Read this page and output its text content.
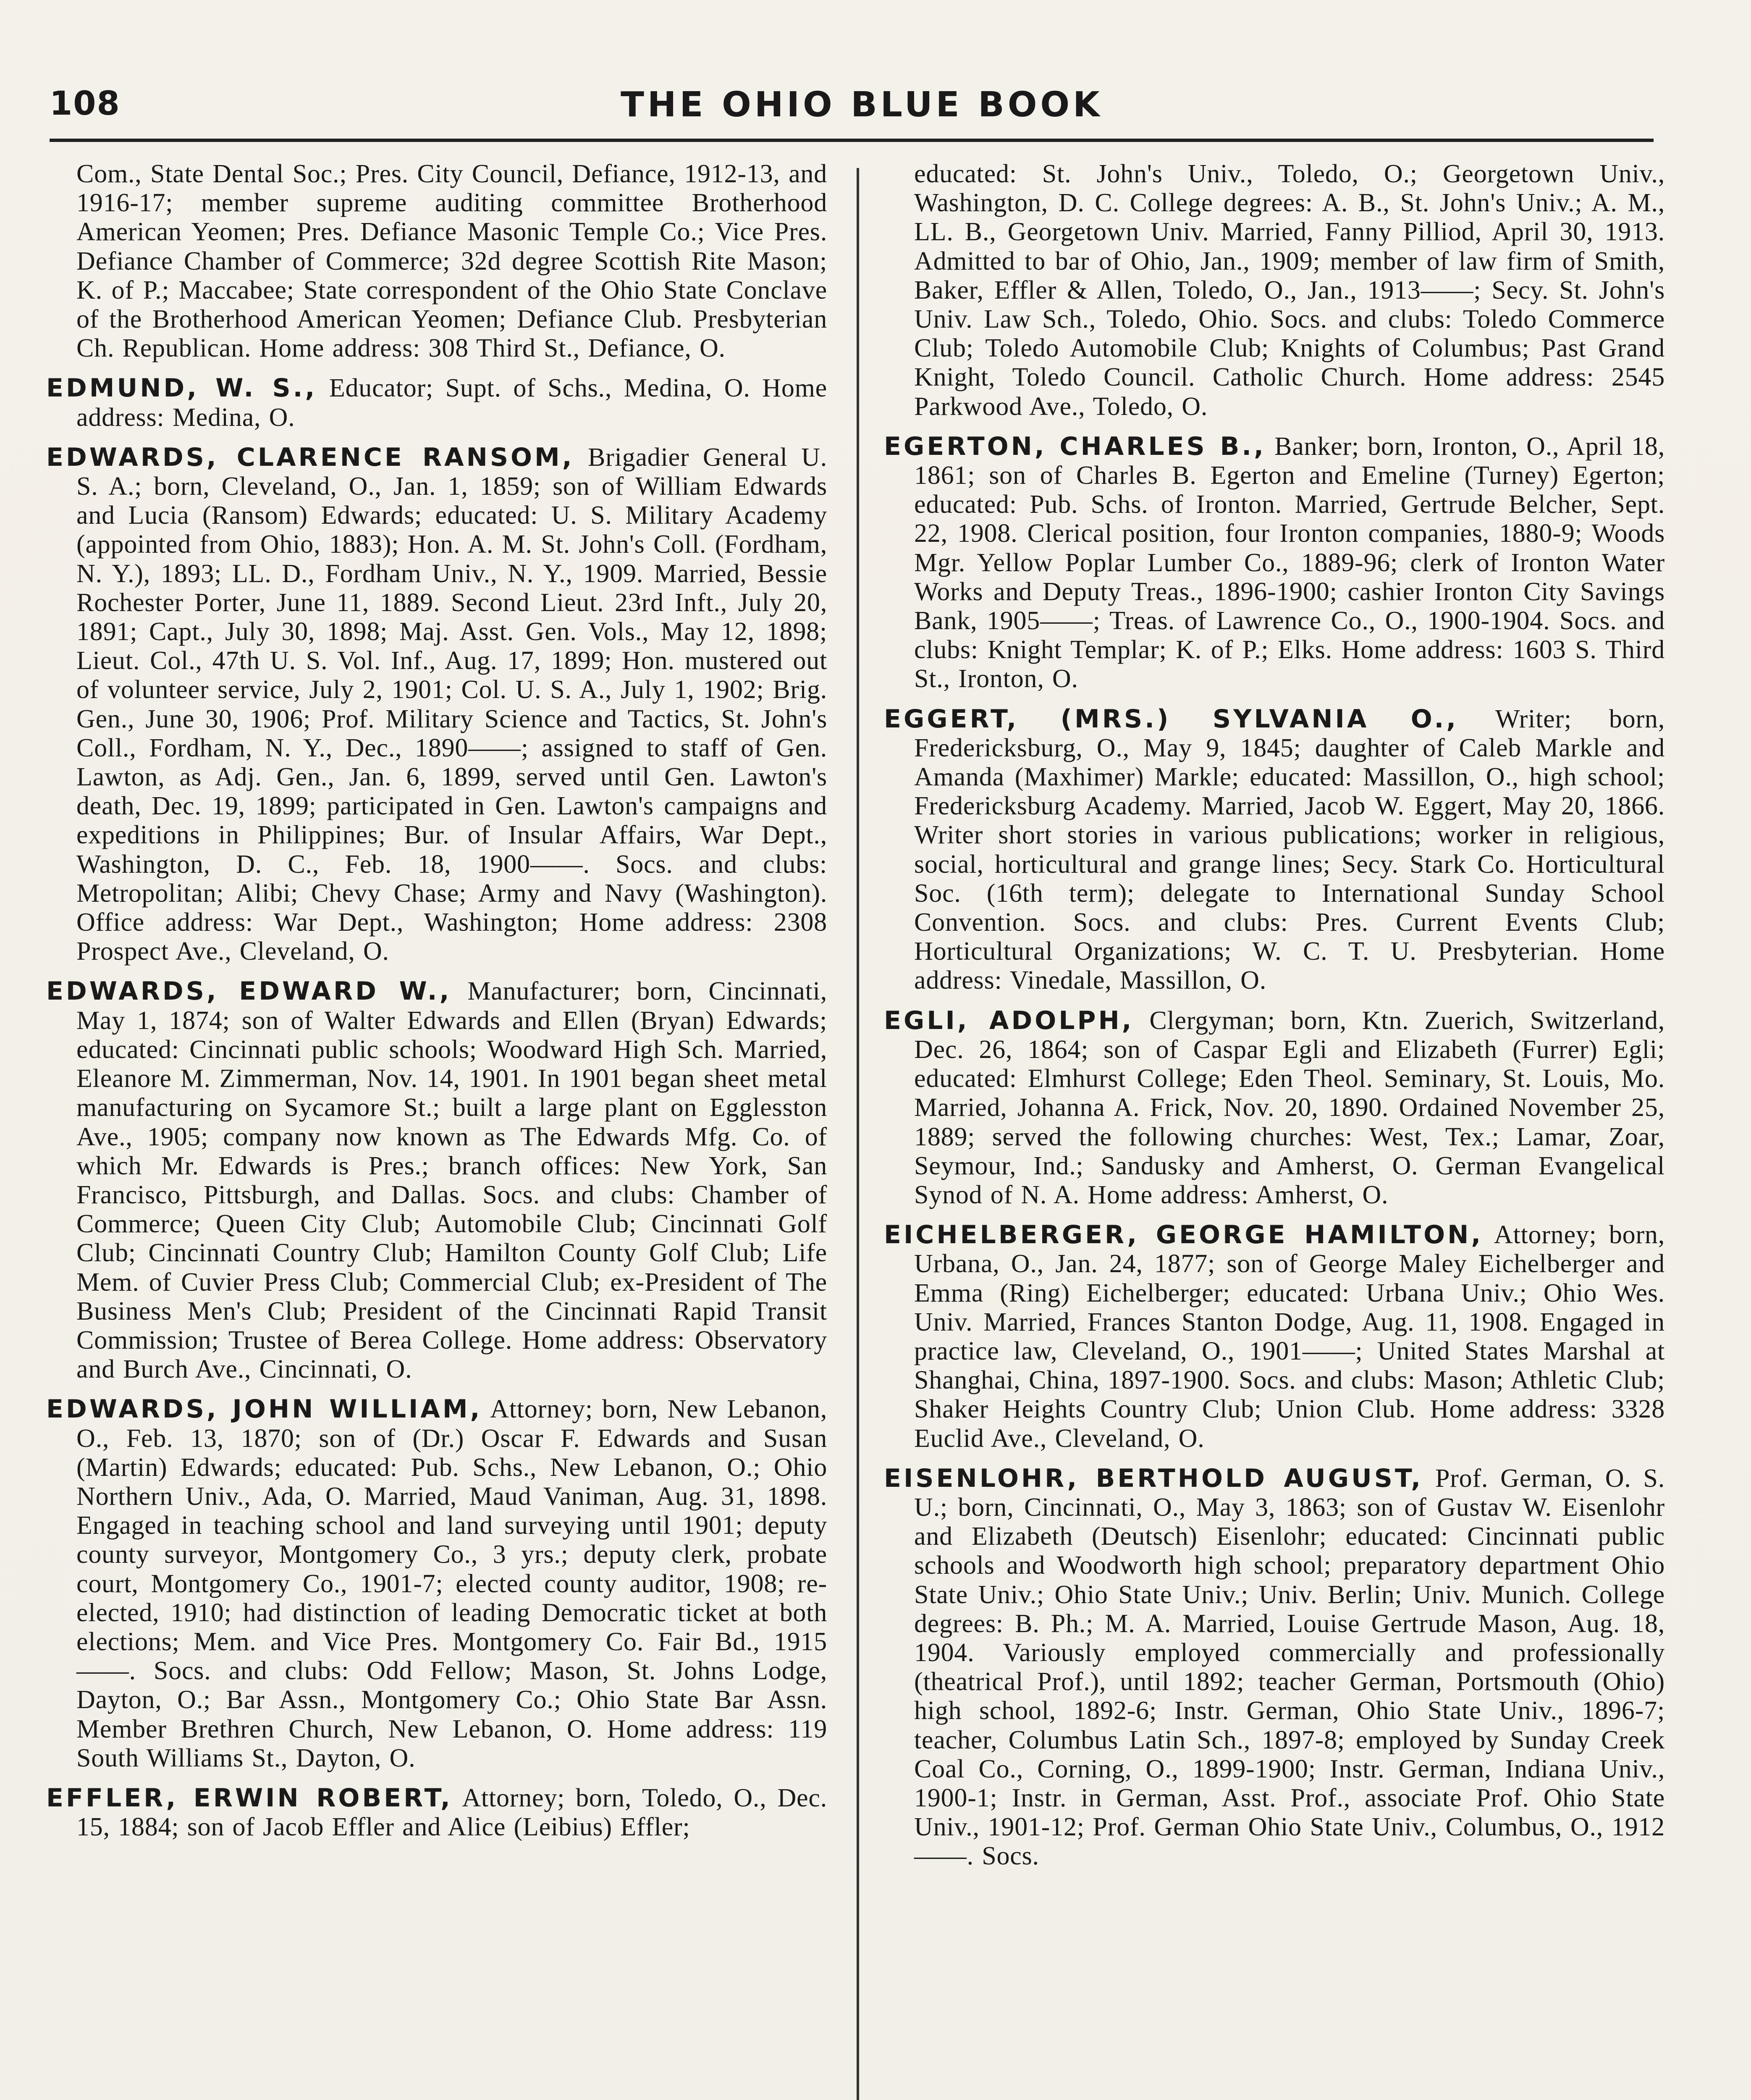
108	THE OHIO BLUE BOOK

Com., State Dental Soc.; Pres. City Council, Defiance, 1912-13, and 1916-17; member supreme auditing committee Brotherhood American Yeomen; Pres. Defiance Masonic Temple Co.; Vice Pres. Defiance Chamber of Commerce; 32d degree Scottish Rite Mason; K. of P.; Maccabee; State correspondent of the Ohio State Conclave of the Brotherhood American Yeomen; Defiance Club. Presbyterian Ch. Republican. Home address: 308 Third St., Defiance, O.

EDMUND, W. S., Educator; Supt. of Schs., Medina, O. Home address: Medina, O.

EDWARDS, CLARENCE RANSOM, Brigadier General U. S. A.; born, Cleveland, O., Jan. 1, 1859; son of William Edwards and Lucia (Ransom) Edwards; educated: U. S. Military Academy (appointed from Ohio, 1883); Hon. A. M. St. John's Coll. (Fordham, N. Y.), 1893; LL. D., Fordham Univ., N. Y., 1909. Married, Bessie Rochester Porter, June 11, 1889. Second Lieut. 23rd Inft., July 20, 1891; Capt., July 30, 1898; Maj. Asst. Gen. Vols., May 12, 1898; Lieut. Col., 47th U. S. Vol. Inf., Aug. 17, 1899; Hon. mustered out of volunteer service, July 2, 1901; Col. U. S. A., July 1, 1902; Brig. Gen., June 30, 1906; Prof. Military Science and Tactics, St. John's Coll., Fordham, N. Y., Dec., 1890——; assigned to staff of Gen. Lawton, as Adj. Gen., Jan. 6, 1899, served until Gen. Lawton's death, Dec. 19, 1899; participated in Gen. Lawton's campaigns and expeditions in Philippines; Bur. of Insular Affairs, War Dept., Washington, D. C., Feb. 18, 1900——. Socs. and clubs: Metropolitan; Alibi; Chevy Chase; Army and Navy (Washington). Office address: War Dept., Washington; Home address: 2308 Prospect Ave., Cleveland, O.

EDWARDS, EDWARD W., Manufacturer; born, Cincinnati, May 1, 1874; son of Walter Edwards and Ellen (Bryan) Edwards; educated: Cincinnati public schools; Woodward High Sch. Married, Eleanore M. Zimmerman, Nov. 14, 1901. In 1901 began sheet metal manufacturing on Sycamore St.; built a large plant on Egglesston Ave., 1905; company now known as The Edwards Mfg. Co. of which Mr. Edwards is Pres.; branch offices: New York, San Francisco, Pittsburgh, and Dallas. Socs. and clubs: Chamber of Commerce; Queen City Club; Automobile Club; Cincinnati Golf Club; Cincinnati Country Club; Hamilton County Golf Club; Life Mem. of Cuvier Press Club; Commercial Club; ex-President of The Business Men's Club; President of the Cincinnati Rapid Transit Commission; Trustee of Berea College. Home address: Observatory and Burch Ave., Cincinnati, O.

EDWARDS, JOHN WILLIAM, Attorney; born, New Lebanon, O., Feb. 13, 1870; son of (Dr.) Oscar F. Edwards and Susan (Martin) Edwards; educated: Pub. Schs., New Lebanon, O.; Ohio Northern Univ., Ada, O. Married, Maud Vaniman, Aug. 31, 1898. Engaged in teaching school and land surveying until 1901; deputy county surveyor, Montgomery Co., 3 yrs.; deputy clerk, probate court, Montgomery Co., 1901-7; elected county auditor, 1908; re-elected, 1910; had distinction of leading Democratic ticket at both elections; Mem. and Vice Pres. Montgomery Co. Fair Bd., 1915——. Socs. and clubs: Odd Fellow; Mason, St. Johns Lodge, Dayton, O.; Bar Assn., Montgomery Co.; Ohio State Bar Assn. Member Brethren Church, New Lebanon, O. Home address: 119 South Williams St., Dayton, O.

EFFLER, ERWIN ROBERT, Attorney; born, Toledo, O., Dec. 15, 1884; son of Jacob Effler and Alice (Leibius) Effler;

educated: St. John's Univ., Toledo, O.; Georgetown Univ., Washington, D. C. College degrees: A. B., St. John's Univ.; A. M., LL. B., Georgetown Univ. Married, Fanny Pilliod, April 30, 1913. Admitted to bar of Ohio, Jan., 1909; member of law firm of Smith, Baker, Effler & Allen, Toledo, O., Jan., 1913——; Secy. St. John's Univ. Law Sch., Toledo, Ohio. Socs. and clubs: Toledo Commerce Club; Toledo Automobile Club; Knights of Columbus; Past Grand Knight, Toledo Council. Catholic Church. Home address: 2545 Parkwood Ave., Toledo, O.

EGERTON, CHARLES B., Banker; born, Ironton, O., April 18, 1861; son of Charles B. Egerton and Emeline (Turney) Egerton; educated: Pub. Schs. of Ironton. Married, Gertrude Belcher, Sept. 22, 1908. Clerical position, four Ironton companies, 1880-9; Woods Mgr. Yellow Poplar Lumber Co., 1889-96; clerk of Ironton Water Works and Deputy Treas., 1896-1900; cashier Ironton City Savings Bank, 1905——; Treas. of Lawrence Co., O., 1900-1904. Socs. and clubs: Knight Templar; K. of P.; Elks. Home address: 1603 S. Third St., Ironton, O.

EGGERT, (MRS.) SYLVANIA O., Writer; born, Fredericksburg, O., May 9, 1845; daughter of Caleb Markle and Amanda (Maxhimer) Markle; educated: Massillon, O., high school; Fredericksburg Academy. Married, Jacob W. Eggert, May 20, 1866. Writer short stories in various publications; worker in religious, social, horticultural and grange lines; Secy. Stark Co. Horticultural Soc. (16th term); delegate to International Sunday School Convention. Socs. and clubs: Pres. Current Events Club; Horticultural Organizations; W. C. T. U. Presbyterian. Home address: Vinedale, Massillon, O.

EGLI, ADOLPH, Clergyman; born, Ktn. Zuerich, Switzerland, Dec. 26, 1864; son of Caspar Egli and Elizabeth (Furrer) Egli; educated: Elmhurst College; Eden Theol. Seminary, St. Louis, Mo. Married, Johanna A. Frick, Nov. 20, 1890. Ordained November 25, 1889; served the following churches: West, Tex.; Lamar, Zoar, Seymour, Ind.; Sandusky and Amherst, O. German Evangelical Synod of N. A. Home address: Amherst, O.

EICHELBERGER, GEORGE HAMILTON, Attorney; born, Urbana, O., Jan. 24, 1877; son of George Maley Eichelberger and Emma (Ring) Eichelberger; educated: Urbana Univ.; Ohio Wes. Univ. Married, Frances Stanton Dodge, Aug. 11, 1908. Engaged in practice law, Cleveland, O., 1901——; United States Marshal at Shanghai, China, 1897-1900. Socs. and clubs: Mason; Athletic Club; Shaker Heights Country Club; Union Club. Home address: 3328 Euclid Ave., Cleveland, O.

EISENLOHR, BERTHOLD AUGUST, Prof. German, O. S. U.; born, Cincinnati, O., May 3, 1863; son of Gustav W. Eisenlohr and Elizabeth (Deutsch) Eisenlohr; educated: Cincinnati public schools and Woodworth high school; preparatory department Ohio State Univ.; Ohio State Univ.; Univ. Berlin; Univ. Munich. College degrees: B. Ph.; M. A. Married, Louise Gertrude Mason, Aug. 18, 1904. Variously employed commercially and professionally (theatrical Prof.), until 1892; teacher German, Portsmouth (Ohio) high school, 1892-6; Instr. German, Ohio State Univ., 1896-7; teacher, Columbus Latin Sch., 1897-8; employed by Sunday Creek Coal Co., Corning, O., 1899-1900; Instr. German, Indiana Univ., 1900-1; Instr. in German, Asst. Prof., associate Prof. Ohio State Univ., 1901-12; Prof. German Ohio State Univ., Columbus, O., 1912——. Socs.
